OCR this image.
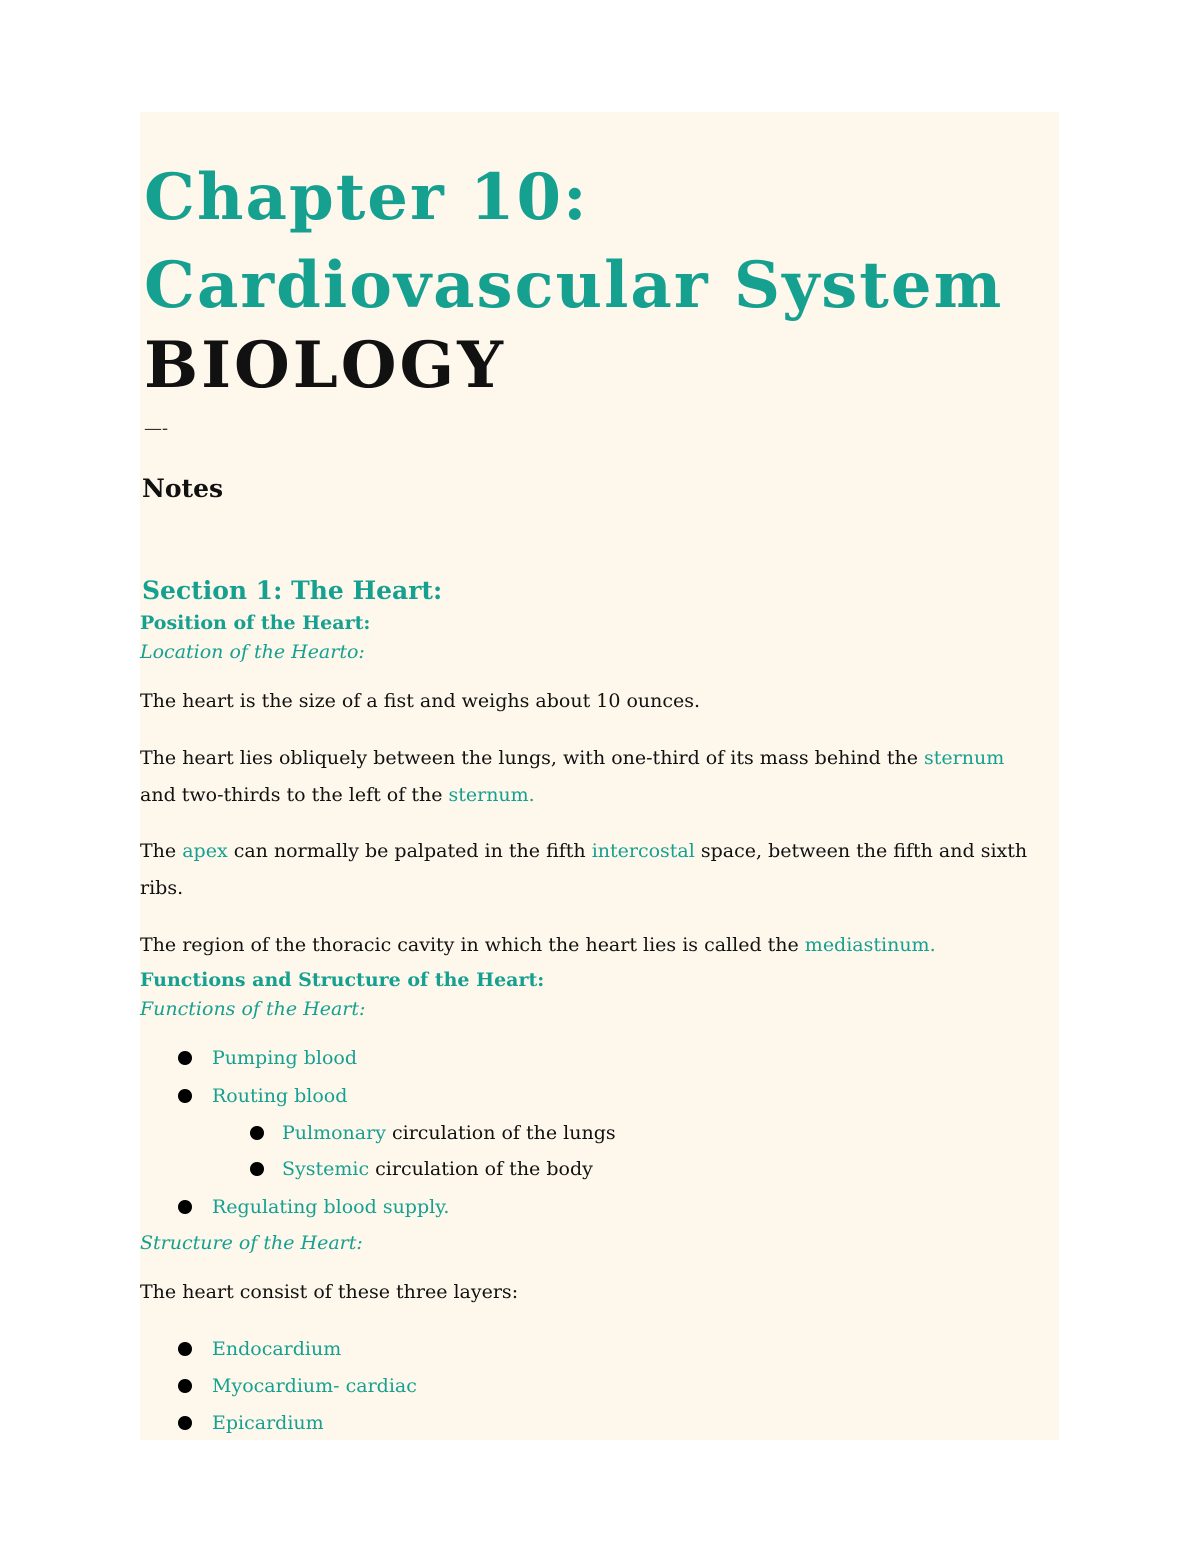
Chapter 10: Cardiovascular System
BIOLOGY
—-
Notes
Section 1: The Heart:
Position of the Heart:
Location of the Hearto:

The heart is the size of a fist and weighs about 10 ounces.

The heart lies obliquely between the lungs, with one-third of its mass behind the sternum and two-thirds to the left of the sternum.

The apex can normally be palpated in the fifth intercostal space, between the fifth and sixth ribs.

The region of the thoracic cavity in which the heart lies is called the mediastinum.

Functions and Structure of the Heart:
Functions of the Heart:
Pumping blood
Routing blood
Pulmonary circulation of the lungs
Systemic circulation of the body
Regulating blood supply.
Structure of the Heart:

The heart consist of these three layers:

Endocardium
Myocardium- cardiac
Epicardium
